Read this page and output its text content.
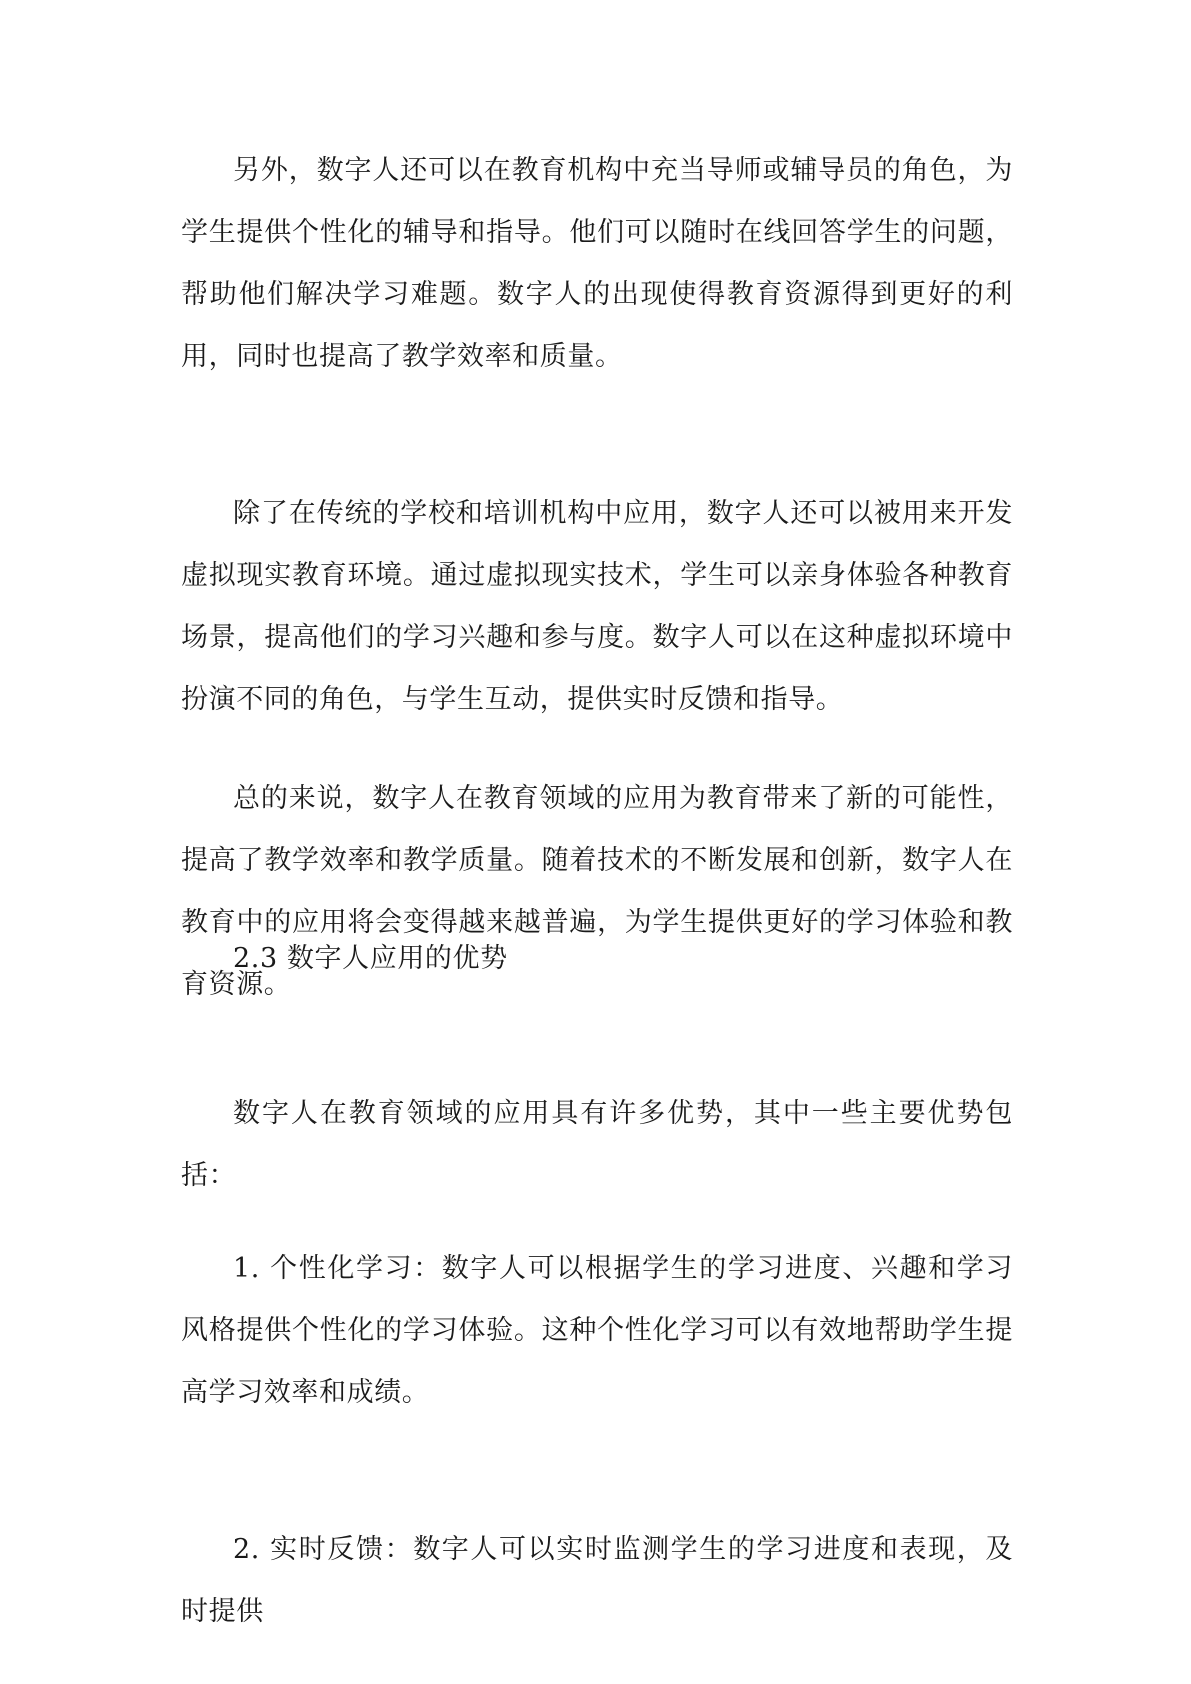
另外，数字人还可以在教育机构中充当导师或辅导员的角色，为学生提供个性化的辅导和指导。他们可以随时在线回答学生的问题，帮助他们解决学习难题。数字人的出现使得教育资源得到更好的利用，同时也提高了教学效率和质量。

除了在传统的学校和培训机构中应用，数字人还可以被用来开发虚拟现实教育环境。通过虚拟现实技术，学生可以亲身体验各种教育场景，提高他们的学习兴趣和参与度。数字人可以在这种虚拟环境中扮演不同的角色，与学生互动，提供实时反馈和指导。

总的来说，数字人在教育领域的应用为教育带来了新的可能性，提高了教学效率和教学质量。随着技术的不断发展和创新，数字人在教育中的应用将会变得越来越普遍，为学生提供更好的学习体验和教育资源。

2.3 数字人应用的优势

数字人在教育领域的应用具有许多优势，其中一些主要优势包括：

1. 个性化学习：数字人可以根据学生的学习进度、兴趣和学习风格提供个性化的学习体验。这种个性化学习可以有效地帮助学生提高学习效率和成绩。

2. 实时反馈：数字人可以实时监测学生的学习进度和表现，及时提供
